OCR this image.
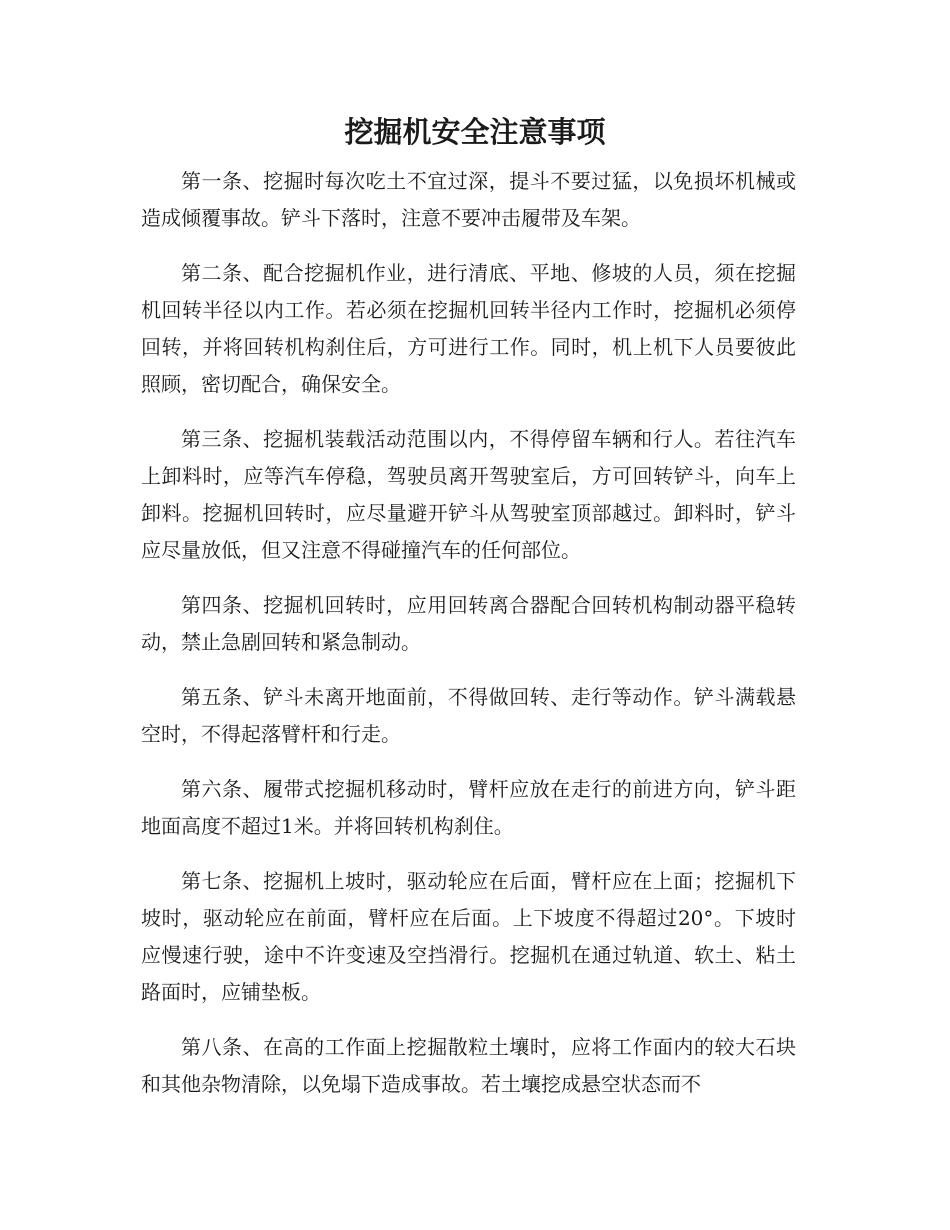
挖掘机安全注意事项

第一条、挖掘时每次吃土不宜过深，提斗不要过猛，以免损坏机械或造成倾覆事故。铲斗下落时，注意不要冲击履带及车架。

第二条、配合挖掘机作业，进行清底、平地、修坡的人员，须在挖掘机回转半径以内工作。若必须在挖掘机回转半径内工作时，挖掘机必须停回转，并将回转机构刹住后，方可进行工作。同时，机上机下人员要彼此照顾，密切配合，确保安全。

第三条、挖掘机装载活动范围以内，不得停留车辆和行人。若往汽车上卸料时，应等汽车停稳，驾驶员离开驾驶室后，方可回转铲斗，向车上卸料。挖掘机回转时，应尽量避开铲斗从驾驶室顶部越过。卸料时，铲斗应尽量放低，但又注意不得碰撞汽车的任何部位。

第四条、挖掘机回转时，应用回转离合器配合回转机构制动器平稳转动，禁止急剧回转和紧急制动。

第五条、铲斗未离开地面前，不得做回转、走行等动作。铲斗满载悬空时，不得起落臂杆和行走。

第六条、履带式挖掘机移动时，臂杆应放在走行的前进方向，铲斗距地面高度不超过1米。并将回转机构刹住。

第七条、挖掘机上坡时，驱动轮应在后面，臂杆应在上面；挖掘机下坡时，驱动轮应在前面，臂杆应在后面。上下坡度不得超过20°。下坡时应慢速行驶，途中不许变速及空挡滑行。挖掘机在通过轨道、软土、粘土路面时，应铺垫板。

第八条、在高的工作面上挖掘散粒土壤时，应将工作面内的较大石块和其他杂物清除，以免塌下造成事故。若土壤挖成悬空状态而不
